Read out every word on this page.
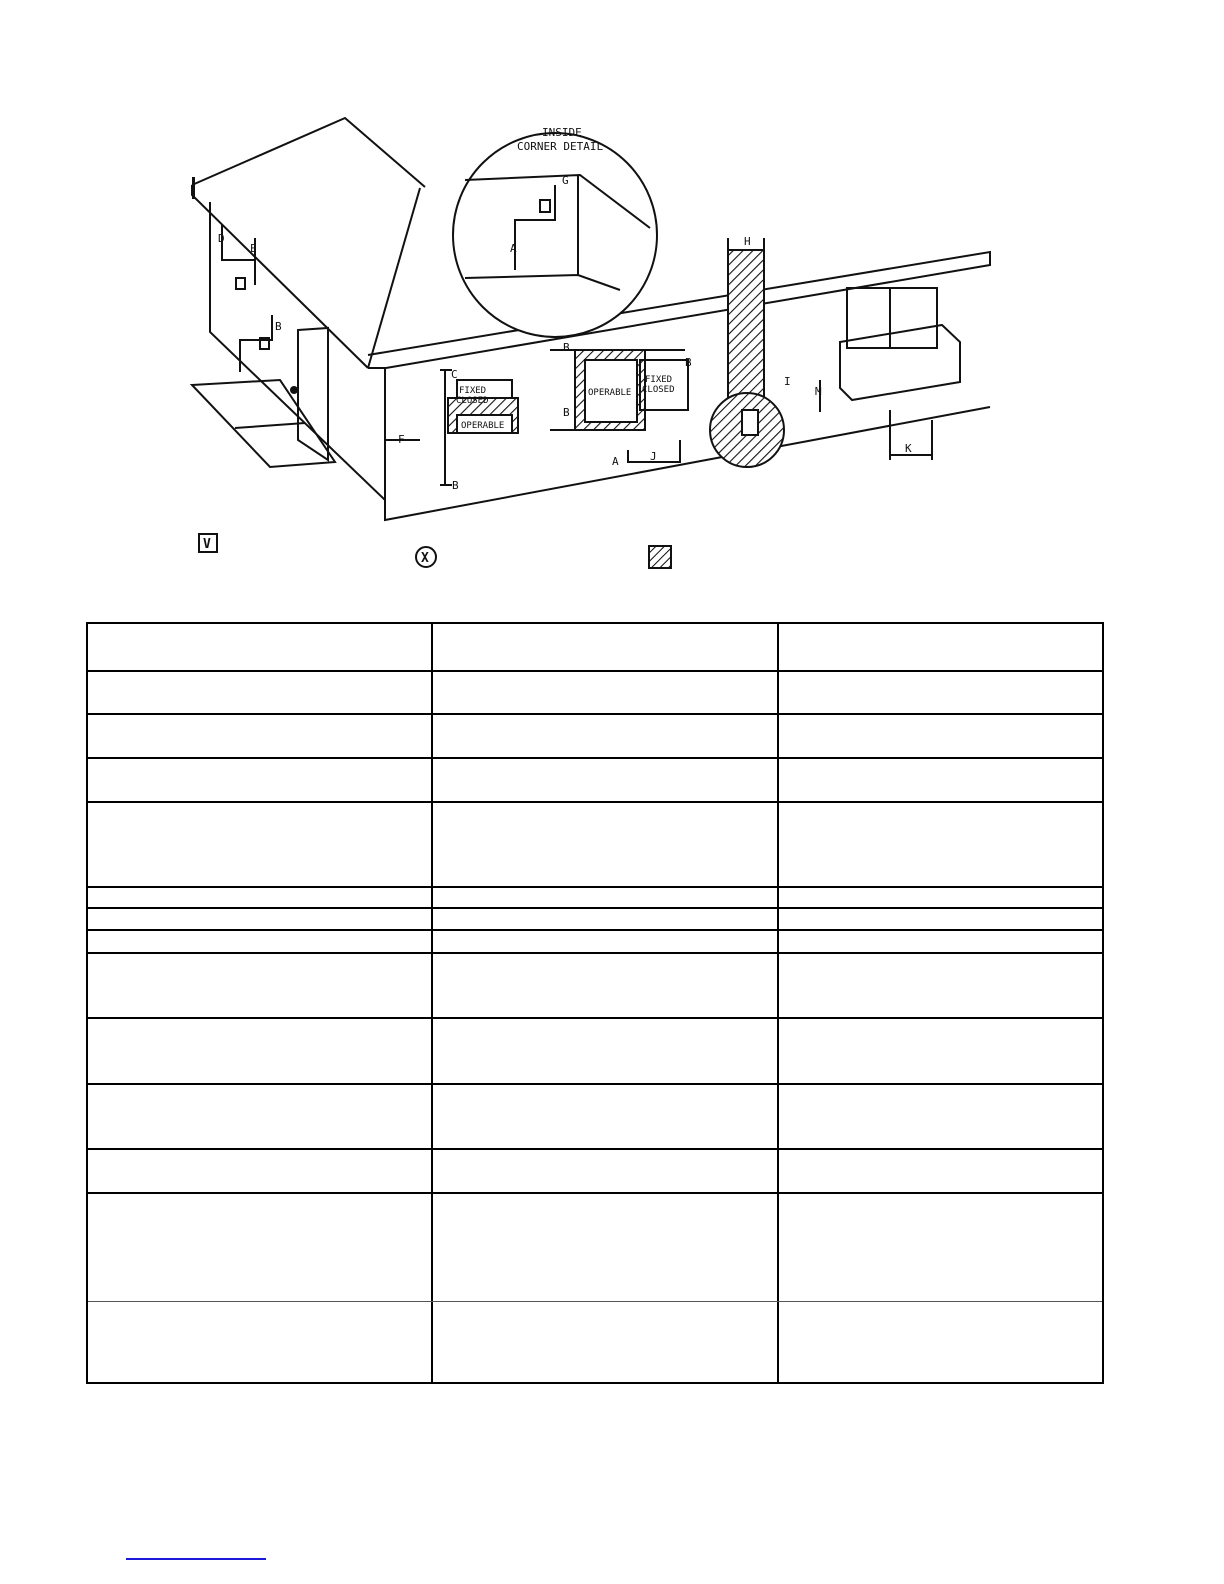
INSIDE
CORNER DETAIL
FIXED
CLOSED
OPERABLE
OPERABLE
FIXED
CLOSED
B
B
B
C
B
F
A	J
H
I
M
K
D
E
B
G
A
V
X
